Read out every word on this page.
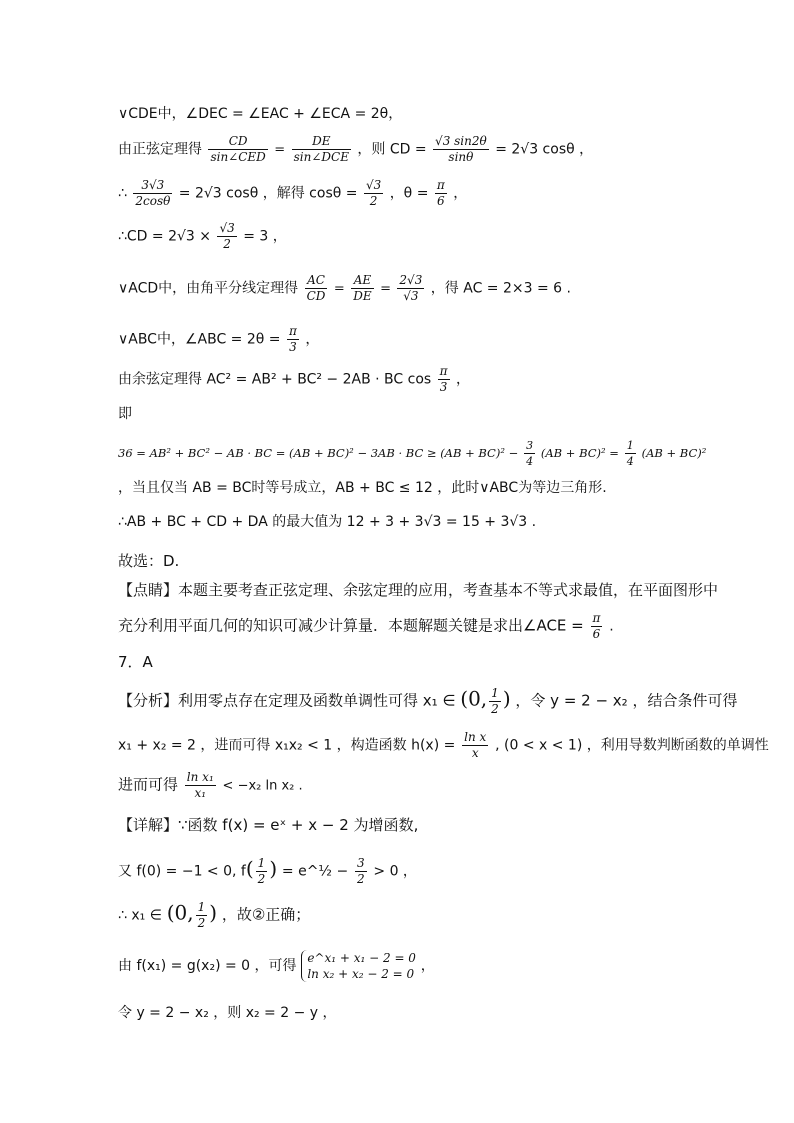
∨CDE中，∠DEC = ∠EAC + ∠ECA = 2θ，
由正弦定理得 $\frac{CD}{\text{sin∠CED}} = \frac{DE}{\text{sin∠DCE}}$ ，则 CD = $\frac{√3 \sin 2\theta}{\sin\theta} = 2√3$ cosθ ，
∴ $\frac{3√3}{2\cos\theta} = 2√3$ cosθ ，解得 $\cos\theta = \frac{√3}{2}$ ，$\theta = \frac{\pi}{6}$ ，
∴CD = $2√3 \times \frac{√3}{2} = 3$ ，
∨ACD中，由角平分线定理得 $\frac{AC}{CD} = \frac{AE}{DE} = \frac{2√3}{√3}$ ，得 AC = 2×3 = 6 .
∨ABC中，∠ABC = $2\theta = \frac{\pi}{3}$ ，
由余弦定理得 AC² = AB² + BC² − 2AB · BC $\cos \frac{\pi}{3}$ ，
即
36 = AB² + BC² − AB · BC = (AB + BC)² − 3AB · BC ≥ $(AB + BC)^2 - \frac{3}{4} (AB + BC)^2 = \frac{1}{4} (AB + BC)^2$
，当且仅当 AB = BC时等号成立，AB + BC ≤ 12 ，此时∨ABC为等边三角形.
∴AB + BC + CD + DA 的最大值为 12 + 3 + 3√3 = 15 + 3√3 .
故选：D.
【点睛】本题主要考查正弦定理、余弦定理的应用，考查基本不等式求最值，在平面图形中
充分利用平面几何的知识可减少计算量．本题解题关键是求出∠ACE = $\frac{\pi}{6}$ .
7．A
【分析】利用零点存在定理及函数单调性可得 x₁ ∈ (0, $\frac{1}{2}$ ) ，令 y = 2 − x₂ ，结合条件可得
x₁ + x₂ = 2 ，进而可得 x₁x₂ < 1 ，构造函数 $h(x) = \frac{\text{ln x}}{x}$ , (0 < x < 1) ，利用导数判断函数的单调性
进而可得 $\frac{\text{ln x₁}}{\text{x₁}} < -x_2$ ln x₂ .
【详解】∵函数 f(x) = eˣ + x − 2 为增函数,
又 f(0) = −1 < 0, $f( \frac{1}{2}$ ) = e^½ − $\frac{3}{2} > 0$ ，
∴ x₁ ∈ (0, $\frac{1}{2}$ ) ，故②正确；
由 f(x₁) = g(x₂) = 0 ，可得 e^x₁ + x₁ − 2 = 0
ln x₂ + x₂ − 2 = 0 ，
令 y = 2 − x₂ ，则 x₂ = 2 − y ，
